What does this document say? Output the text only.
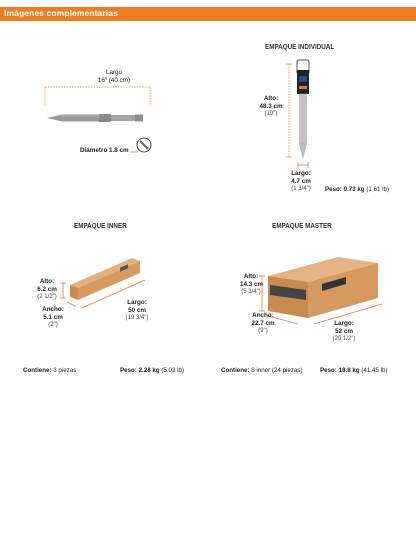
Imágenes complementarias
Largo
16" (40 cm)
Diámetro 1.8 cm
EMPAQUE INDIVIDUAL
Alto:
48.3 cm
(19")
Largo:
4.7 cm
(1 3/4")	Peso: 0.73 kg (1.61 lb)
EMPAQUE INNER
Alto:
6.2 cm
(2 1/2")
Ancho:
5.1 cm
(2")
Largo:
50 cm
(19 3/4")
Contiene: 3 piezas	Peso: 2.28 kg (5.03 lb)
EMPAQUE MASTER
Alto:
14.3 cm
(5 3/4")
Ancho:
22.7 cm
(9")
Largo:
52 cm
(20 1/2")
Contiene: 8 inner (24 piezas)	Peso: 18.8 kg (41.45 lb)
